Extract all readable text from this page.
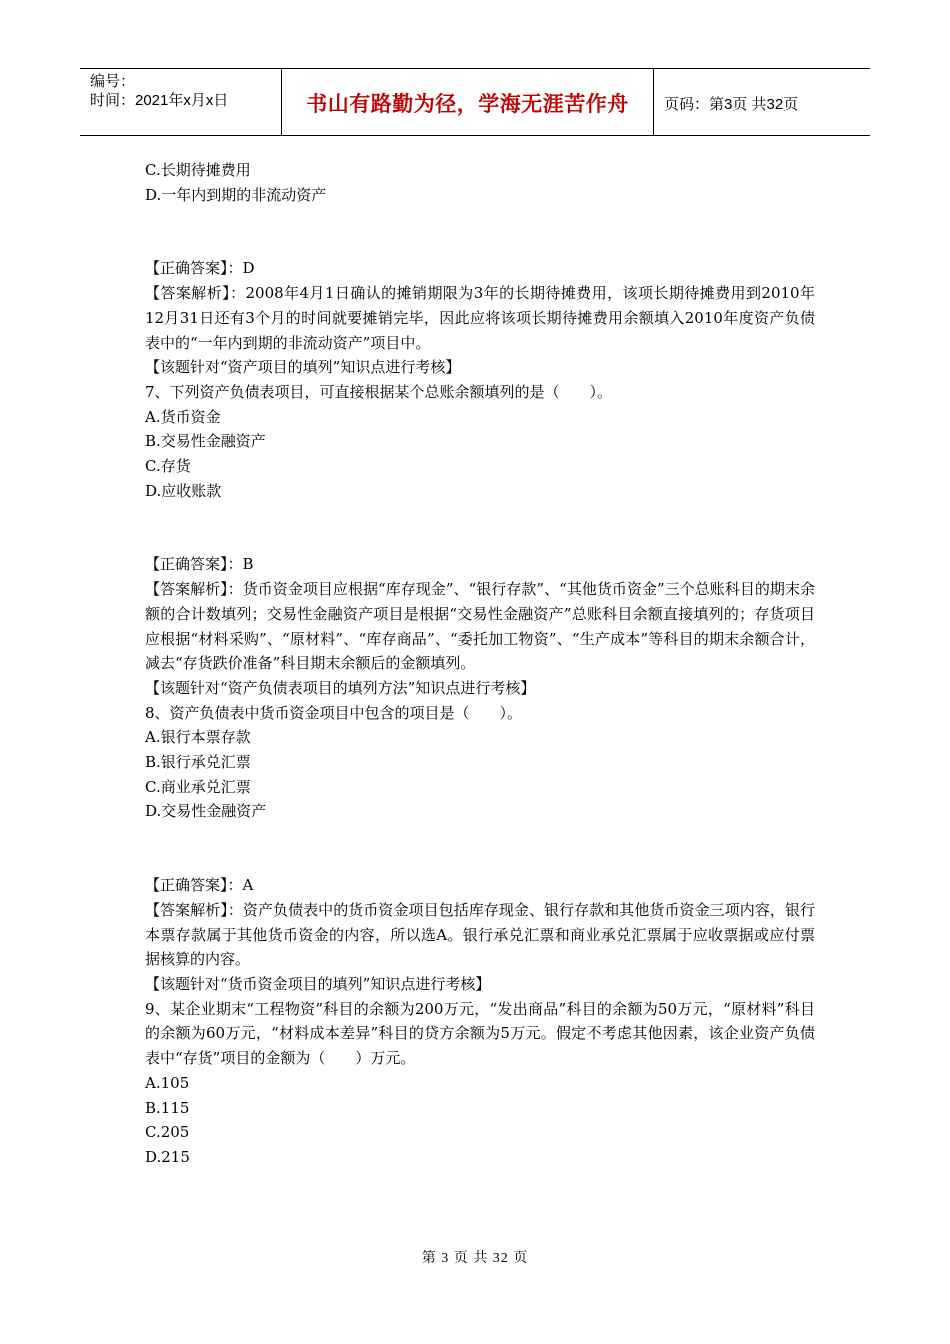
编号：
时间：2021年x月x日	书山有路勤为径，学海无涯苦作舟	页码：第3页 共32页

C.长期待摊费用

D.一年内到期的非流动资产

【正确答案】：D

【答案解析】：2008年4月1日确认的摊销期限为3年的长期待摊费用，该项长期待摊费用到2010年12月31日还有3个月的时间就要摊销完毕，因此应将该项长期待摊费用余额填入2010年度资产负债表中的“一年内到期的非流动资产”项目中。

【该题针对“资产项目的填列”知识点进行考核】

7、下列资产负债表项目，可直接根据某个总账余额填列的是（　　）。

A.货币资金

B.交易性金融资产

C.存货

D.应收账款

【正确答案】：B

【答案解析】：货币资金项目应根据“库存现金”、“银行存款”、“其他货币资金”三个总账科目的期末余额的合计数填列；交易性金融资产项目是根据“交易性金融资产”总账科目余额直接填列的；存货项目应根据“材料采购”、“原材料”、“库存商品”、“委托加工物资”、“生产成本”等科目的期末余额合计，减去“存货跌价准备”科目期末余额后的金额填列。

【该题针对“资产负债表项目的填列方法”知识点进行考核】

8、资产负债表中货币资金项目中包含的项目是（　　）。

A.银行本票存款

B.银行承兑汇票

C.商业承兑汇票

D.交易性金融资产

【正确答案】：A

【答案解析】：资产负债表中的货币资金项目包括库存现金、银行存款和其他货币资金三项内容，银行本票存款属于其他货币资金的内容，所以选A。银行承兑汇票和商业承兑汇票属于应收票据或应付票据核算的内容。

【该题针对“货币资金项目的填列”知识点进行考核】

9、某企业期末“工程物资”科目的余额为200万元，“发出商品”科目的余额为50万元，“原材料”科目的余额为60万元，“材料成本差异”科目的贷方余额为5万元。假定不考虑其他因素，该企业资产负债表中“存货”项目的金额为（　　）万元。

A.105

B.115

C.205

D.215

第 3 页 共 32 页
